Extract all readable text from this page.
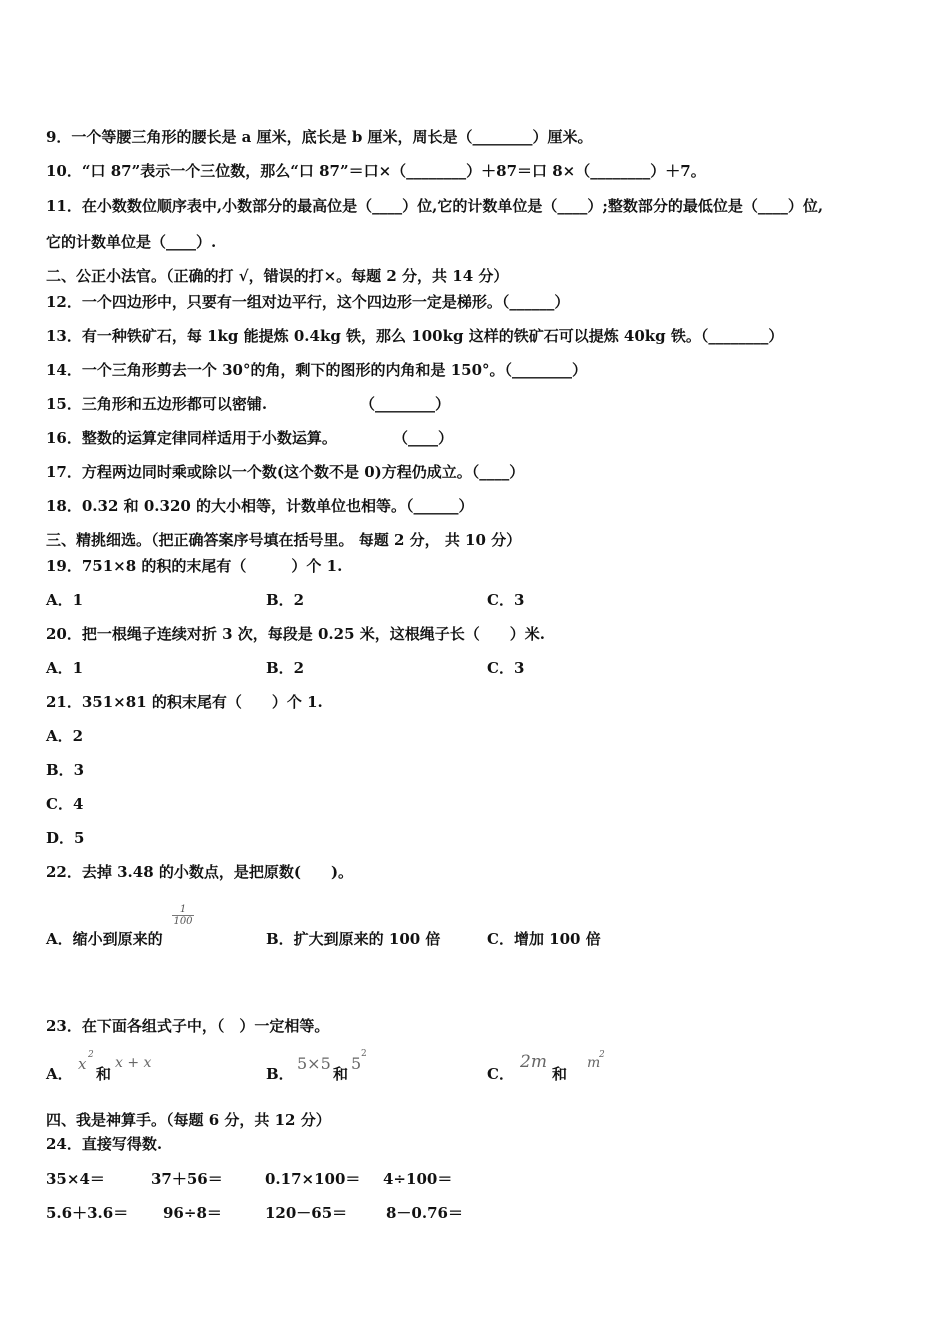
9．一个等腰三角形的腰长是 a 厘米，底长是 b 厘米，周长是（________）厘米。
10．“口 87”表示一个三位数，那么“口 87”＝口×（________）＋87＝口 8×（________）＋7。
11．在小数数位顺序表中,小数部分的最高位是（____）位,它的计数单位是（____）;整数部分的最低位是（____）位,
它的计数单位是（____）.
二、公正小法官。（正确的打 √，错误的打×。每题 2 分，共 14 分）
12．一个四边形中，只要有一组对边平行，这个四边形一定是梯形。（______）
13．有一种铁矿石，每 1kg 能提炼 0.4kg 铁，那么 100kg 这样的铁矿石可以提炼 40kg 铁。（________）
14．一个三角形剪去一个 30°的角，剩下的图形的内角和是 150°。（________）
15．三角形和五边形都可以密铺.	（________）
16．整数的运算定律同样适用于小数运算。	（____）
17．方程两边同时乘或除以一个数(这个数不是 0)方程仍成立。（____）
18．0.32 和 0.320 的大小相等，计数单位也相等。（______）
三、精挑细选。（把正确答案序号填在括号里。 每题 2 分， 共 10 分）
19．751×8 的积的末尾有（　　　）个 1.
A．1	B．2	C．3
20．把一根绳子连续对折 3 次，每段是 0.25 米，这根绳子长（　　）米.
A．1	B．2	C．3
21．351×81 的积末尾有（　　）个 1.
A．2
B．3
C．4
D．5
22．去掉 3.48 的小数点，是把原数(　　)。
A．缩小到原来的
$\frac{1}{100}$
B．扩大到原来的 100 倍	C．增加 100 倍
23．在下面各组式子中，（　）一定相等。
A．
x 2
和
x + x
B．
5×5
和
5 2
C．
2m
和
m
2
四、我是神算手。（每题 6 分，共 12 分）
24．直接写得数.
35×4＝	37＋56＝	0.17×100＝ 4÷100＝
5.6＋3.6＝ 96÷8＝	120－65＝	8－0.76＝
